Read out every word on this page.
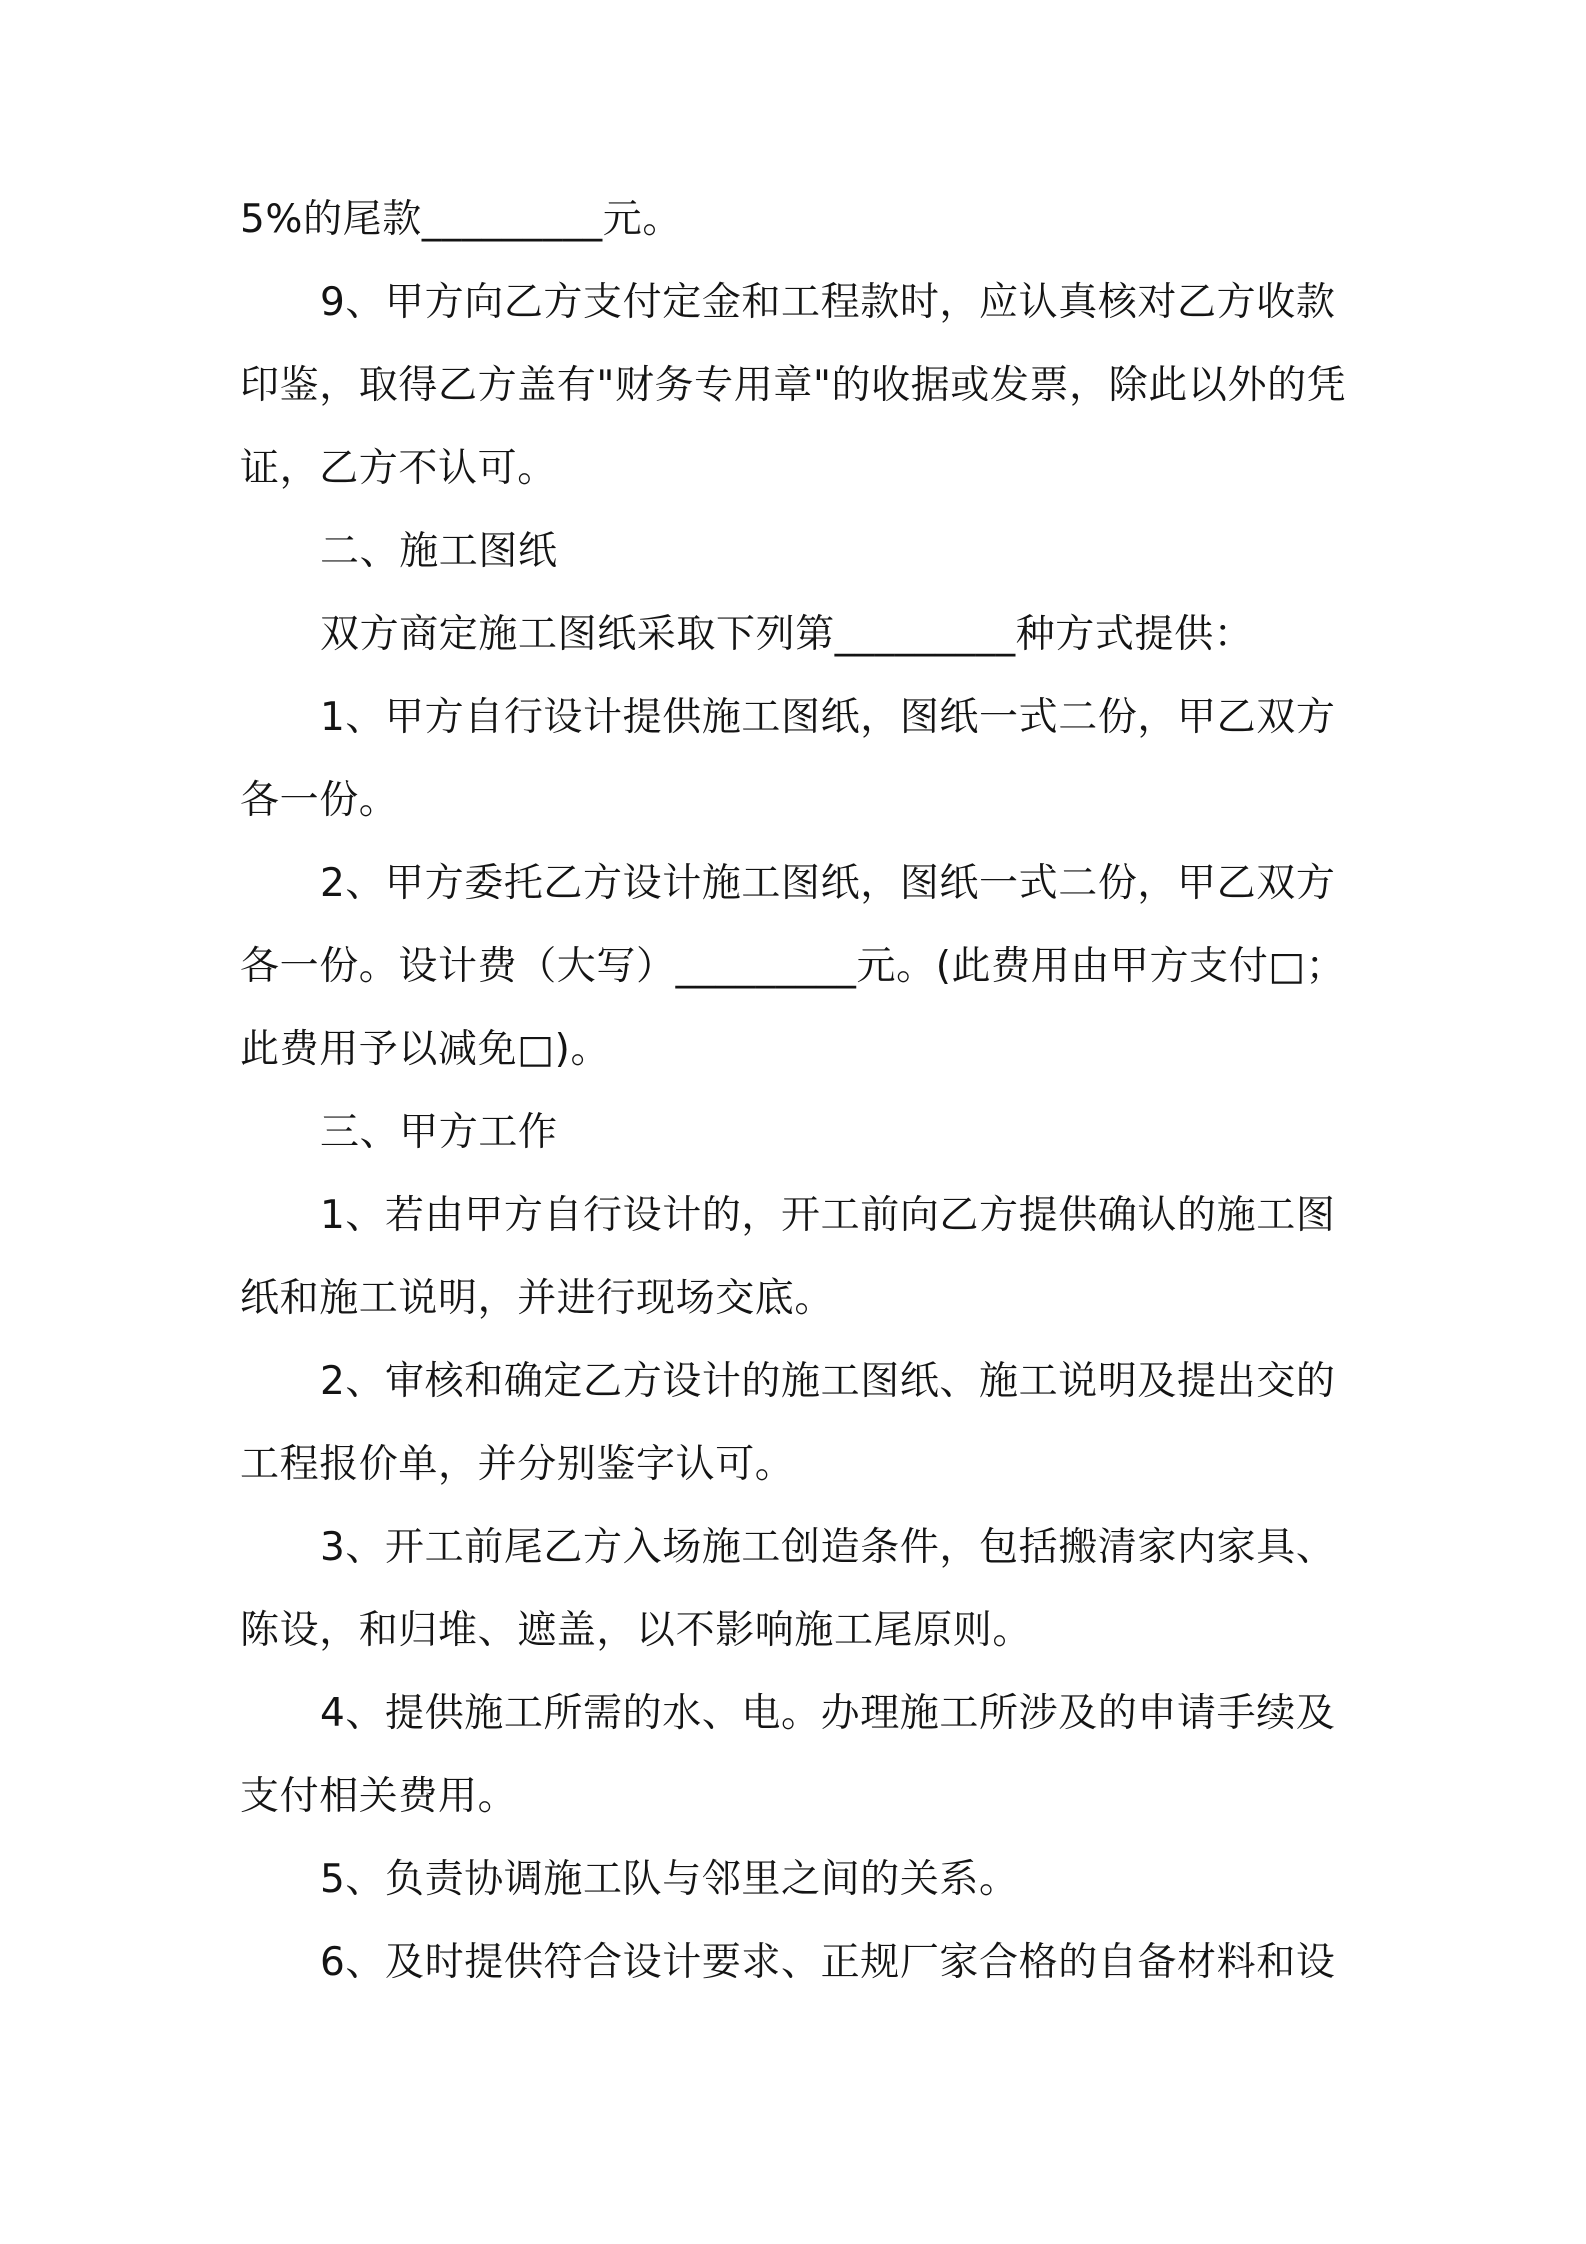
5%的尾款_________元。
9、甲方向乙方支付定金和工程款时，应认真核对乙方收款
印鉴，取得乙方盖有"财务专用章"的收据或发票，除此以外的凭
证，乙方不认可。
二、施工图纸
双方商定施工图纸采取下列第_________种方式提供：
1、甲方自行设计提供施工图纸，图纸一式二份，甲乙双方
各一份。
2、甲方委托乙方设计施工图纸，图纸一式二份，甲乙双方
各一份。设计费（大写）_________元。(此费用由甲方支付□；
此费用予以减免□)。
三、甲方工作
1、若由甲方自行设计的，开工前向乙方提供确认的施工图
纸和施工说明，并进行现场交底。
2、审核和确定乙方设计的施工图纸、施工说明及提出交的
工程报价单，并分别鉴字认可。
3、开工前尾乙方入场施工创造条件，包括搬清家内家具、
陈设，和归堆、遮盖，以不影响施工尾原则。
4、提供施工所需的水、电。办理施工所涉及的申请手续及
支付相关费用。
5、负责协调施工队与邻里之间的关系。
6、及时提供符合设计要求、正规厂家合格的自备材料和设
